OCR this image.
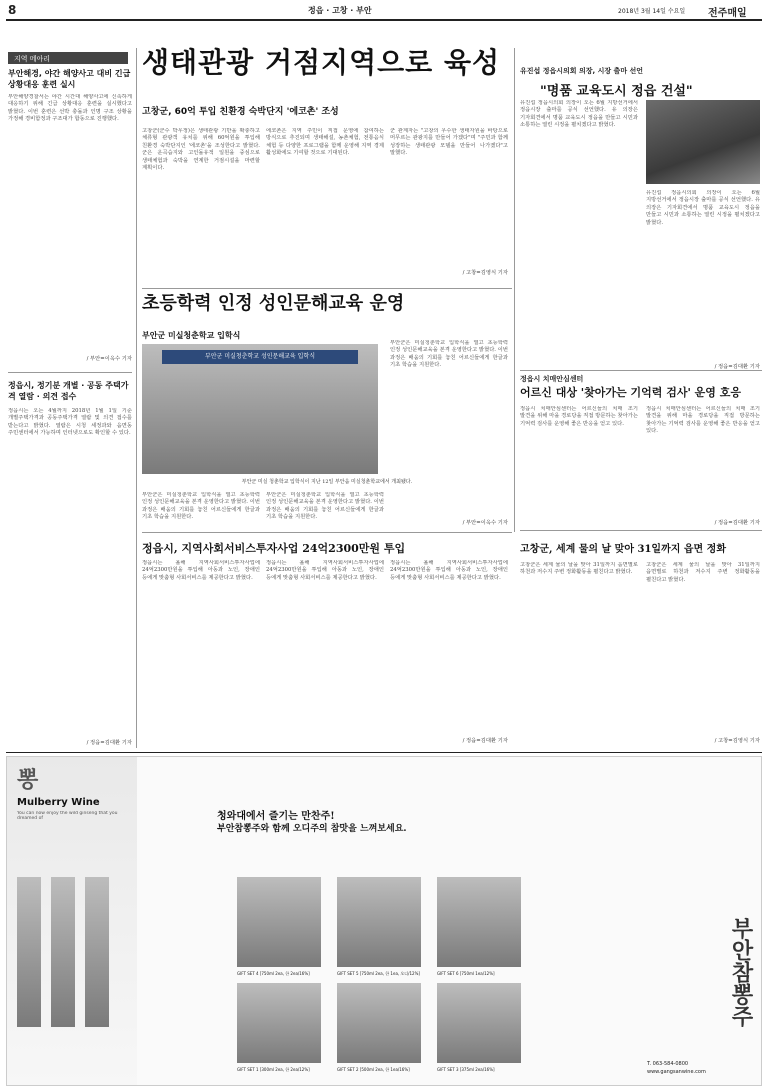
8	정읍 · 고창 · 부안	2018년 3월 14일 수요일 전주매일
지역 메아리
부안해경, 야간 해양사고 대비 긴급 상황대응 훈련 실시
부안해양경찰서는 야간 시간대 해양사고에 신속하게 대응하기 위해 긴급 상황대응 훈련을 실시했다고 밝혔다. 이번 훈련은 선박 충돌과 인명 구조 상황을 가정해 경비함정과 구조대가 합동으로 진행했다.
/ 부안=이옥수 기자
정읍시, 정기분 개별 · 공동 주택가격 열람 · 의견 접수
정읍시는 오는 4월까지 2018년 1월 1일 기준 개별주택가격과 공동주택가격 열람 및 의견 접수를 받는다고 밝혔다. 열람은 시청 세정과와 읍면동 주민센터에서 가능하며 인터넷으로도 확인할 수 있다.
/ 정읍=김대환 기자
생태관광 거점지역으로 육성
고창군, 60억 투입 친환경 숙박단지 '에코촌' 조성
고창군(군수 박우정)은 생태관광 기반을 확충하고 체류형 관광객 유치를 위해 60억원을 투입해 친환경 숙박단지인 '에코촌'을 조성한다고 밝혔다. 군은 운곡습지와 고인돌유적 일원을 중심으로 생태체험과 숙박을 연계한 거점시설을 마련할 계획이다.
에코촌은 지역 주민이 직접 운영에 참여하는 방식으로 추진되며 생태해설, 농촌체험, 전통음식 체험 등 다양한 프로그램을 함께 운영해 지역 경제 활성화에도 기여할 것으로 기대된다.
군 관계자는 "고창의 우수한 생태자원을 바탕으로 머무르는 관광지를 만들어 가겠다"며 "주민과 함께 성장하는 생태관광 모델을 만들어 나가겠다"고 말했다.
/ 고창=김영식 기자
유진섭 정읍시의회 의장, 시장 출마 선언
"명품 교육도시 정읍 건설"
유진섭 정읍시의회 의장이 오는 6월 지방선거에서 정읍시장 출마를 공식 선언했다. 유 의장은 기자회견에서 명품 교육도시 정읍을 만들고 시민과 소통하는 열린 시정을 펼치겠다고 밝혔다.
유진섭 정읍시의회 의장이 오는 6월 지방선거에서 정읍시장 출마를 공식 선언했다. 유 의장은 기자회견에서 명품 교육도시 정읍을 만들고 시민과 소통하는 열린 시정을 펼치겠다고 밝혔다.
/ 정읍=김대환 기자
초등학력 인정 성인문해교육 운영
부안군 미실청춘학교 입학식
부안군 미실청춘학교 성인문해교육 입학식
부안군 미실 청춘학교 입학식이 지난 12일 부안읍 미실청춘학교에서 개최됐다.
부안군은 미실청춘학교 입학식을 열고 초등학력 인정 성인문해교육을 본격 운영한다고 밝혔다. 이번 과정은 배움의 기회를 놓친 어르신들에게 한글과 기초 학습을 지원한다.
부안군은 미실청춘학교 입학식을 열고 초등학력 인정 성인문해교육을 본격 운영한다고 밝혔다. 이번 과정은 배움의 기회를 놓친 어르신들에게 한글과 기초 학습을 지원한다.
부안군은 미실청춘학교 입학식을 열고 초등학력 인정 성인문해교육을 본격 운영한다고 밝혔다. 이번 과정은 배움의 기회를 놓친 어르신들에게 한글과 기초 학습을 지원한다.
/ 부안=이옥수 기자
정읍시 치매안심센터
어르신 대상 '찾아가는 기억력 검사' 운영 호응
정읍시 치매안심센터는 어르신들의 치매 조기 발견을 위해 마을 경로당을 직접 방문하는 찾아가는 기억력 검사를 운영해 좋은 반응을 얻고 있다.
정읍시 치매안심센터는 어르신들의 치매 조기 발견을 위해 마을 경로당을 직접 방문하는 찾아가는 기억력 검사를 운영해 좋은 반응을 얻고 있다.
/ 정읍=김대환 기자
정읍시, 지역사회서비스투자사업 24억2300만원 투입
정읍시는 올해 지역사회서비스투자사업에 24억2300만원을 투입해 아동과 노인, 장애인 등에게 맞춤형 사회서비스를 제공한다고 밝혔다.
정읍시는 올해 지역사회서비스투자사업에 24억2300만원을 투입해 아동과 노인, 장애인 등에게 맞춤형 사회서비스를 제공한다고 밝혔다.
정읍시는 올해 지역사회서비스투자사업에 24억2300만원을 투입해 아동과 노인, 장애인 등에게 맞춤형 사회서비스를 제공한다고 밝혔다.
/ 정읍=김대환 기자
고창군, 세계 물의 날 맞아 31일까지 읍면 정화
고창군은 세계 물의 날을 맞아 31일까지 읍면별로 하천과 저수지 주변 정화활동을 펼친다고 밝혔다.
고창군은 세계 물의 날을 맞아 31일까지 읍면별로 하천과 저수지 주변 정화활동을 펼친다고 밝혔다.
/ 고창=김영식 기자
뽕
Mulberry Wine
You can now enjoy the wild ginseng that you dreamed of	청와대에서 즐기는 만찬주!
부안참뽕주와 함께 오디주의 참맛을 느껴보세요.
GIFT SET 4 [750ml 2ea, 한 2ea/16%]	GIFT SET 5 [750ml 2ea, 한 1ea, 오디/12%]	GIFT SET 6 [750ml 1ea/12%]
GIFT SET 1 [300ml 2ea, 한 2ea/12%]	GIFT SET 2 [500ml 2ea, 한 1ea/16%]	GIFT SET 3 [375ml 2ea/16%]
부안참뽕주
T. 063-584-0800
www.gangsanwine.com
